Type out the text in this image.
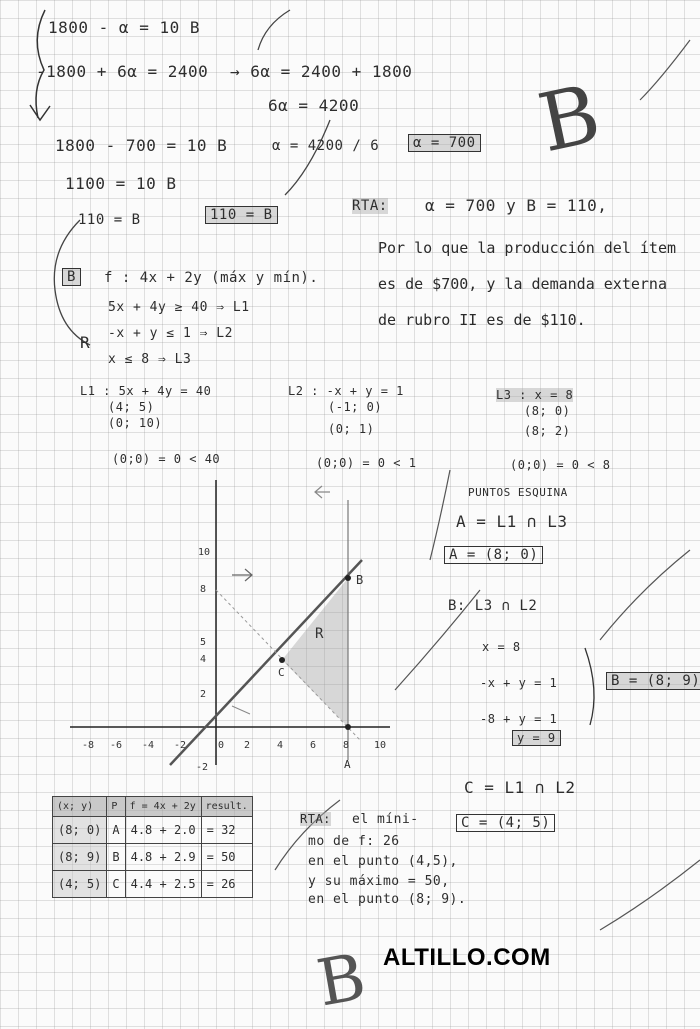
1800 - α = 10 B
-1800 + 6α = 2400 → 6α = 2400 + 1800
6α = 4200
1800 - 700 = 10 B	α = 4200 / 6	α = 700
1100 = 10 B
110 = B	110 = B
B
RTA: α = 700 y B = 110,
Por lo que la producción del ítem es de $700, y la demanda externa de rubro II es de $110.
B	f : 4x + 2y (máx y mín).
R
5x + 4y ≥ 40 ⇒ L1
-x + y ≤ 1 ⇒ L2
x ≤ 8 ⇒ L3
L1 : 5x + 4y = 40
(4; 5)
(0; 10)
(0;0) = 0 < 40
L2 : -x + y = 1
(-1; 0)
(0; 1)
(0;0) = 0 < 1
L3 : x = 8
(8; 0)
(8; 2)
(0;0) = 0 < 8
R
B
C
A
-8 -6 -4 -2	0 2	4	6	8 10
10
8
5
4
2
-2
PUNTOS ESQUINA
A = L1 ∩ L3
A = (8; 0)
B: L3 ∩ L2
x = 8
-x + y = 1
-8 + y = 1
y = 9
B = (8; 9)
C = L1 ∩ L2
C = (4; 5)
(x; y)	P	f = 4x + 2y	result.
(8; 0)	A	4.8 + 2.0	= 32
(8; 9)	B	4.8 + 2.9	= 50
(4; 5)	C	4.4 + 2.5	= 26
RTA: el míni-
mo de f: 26
en el punto (4,5),
y su máximo = 50,
en el punto (8; 9).
B ALTILLO.COM
